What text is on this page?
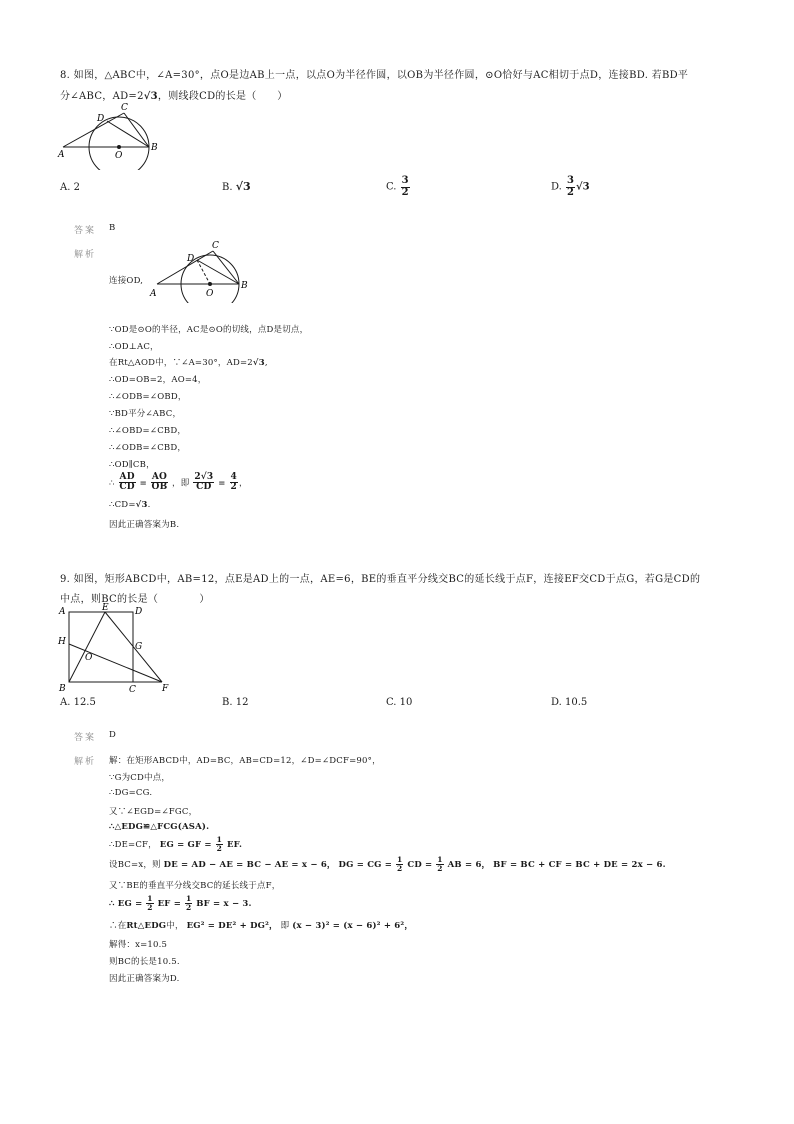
8. 如图，△ABC中，∠A=30°，点O是边AB上一点，以点O为半径作圆，以OB为半径作圆，⊙O恰好与AC相切于点D，连接BD. 若BD平
分∠ABC，AD=2√3，则线段CD的长是（　　）
A
B
C
D
O
A. 2	B. √3	C. $\frac{3}{2}$	D. $\frac{3}{2} √3$
答案 B
解析
A
B
C
D
O
连接OD,
∵OD是⊙O的半径，AC是⊙O的切线，点D是切点，
∴OD⊥AC，
在Rt△AOD中，∵∠A=30°，AD=2√3,
∴OD=OB=2，AO=4，
∴∠ODB=∠OBD，
∵BD平分∠ABC，
∴∠OBD=∠CBD，
∴∠ODB=∠CBD，
∴OD∥CB，
∴ $\frac{AD}{CD} = \frac{AO}{OB}$ ，即 $\frac{2√3}{CD} = \frac{4}{2}$ ，
∴CD=√3.
因此正确答案为B.
9. 如图，矩形ABCD中，AB=12，点E是AD上的一点，AE=6，BE的垂直平分线交BC的延长线于点F，连接EF交CD于点G，若G是CD的
中点，则BC的长是（　　　　）
A	D
E
H	G
O
B	C	F
A. 12.5	B. 12	C. 10	D. 10.5
答案 D
解析 解：在矩形ABCD中，AD=BC，AB=CD=12，∠D=∠DCF=90°，
∵G为CD中点，
∴DG=CG.
又∵∠EGD=∠FGC，
∴△EDG≌△FCG(ASA).
∴DE=CF， EG = GF = $\frac{1}{2}$ EF.
设BC=x，则 DE = AD − AE = BC − AE = x − 6， DG = CG = $\frac{1}{2}$ CD = $\frac{1}{2}$ AB = 6， BF = BC + CF = BC + DE = 2x − 6.
又∵BE的垂直平分线交BC的延长线于点F，
∴ EG = $\frac{1}{2}$ EF = $\frac{1}{2}$ BF = x − 3.
∴在Rt△EDG中， EG² = DE² + DG²， 即 (x − 3)² = (x − 6)² + 6²，
解得：x=10.5
则BC的长是10.5.
因此正确答案为D.
